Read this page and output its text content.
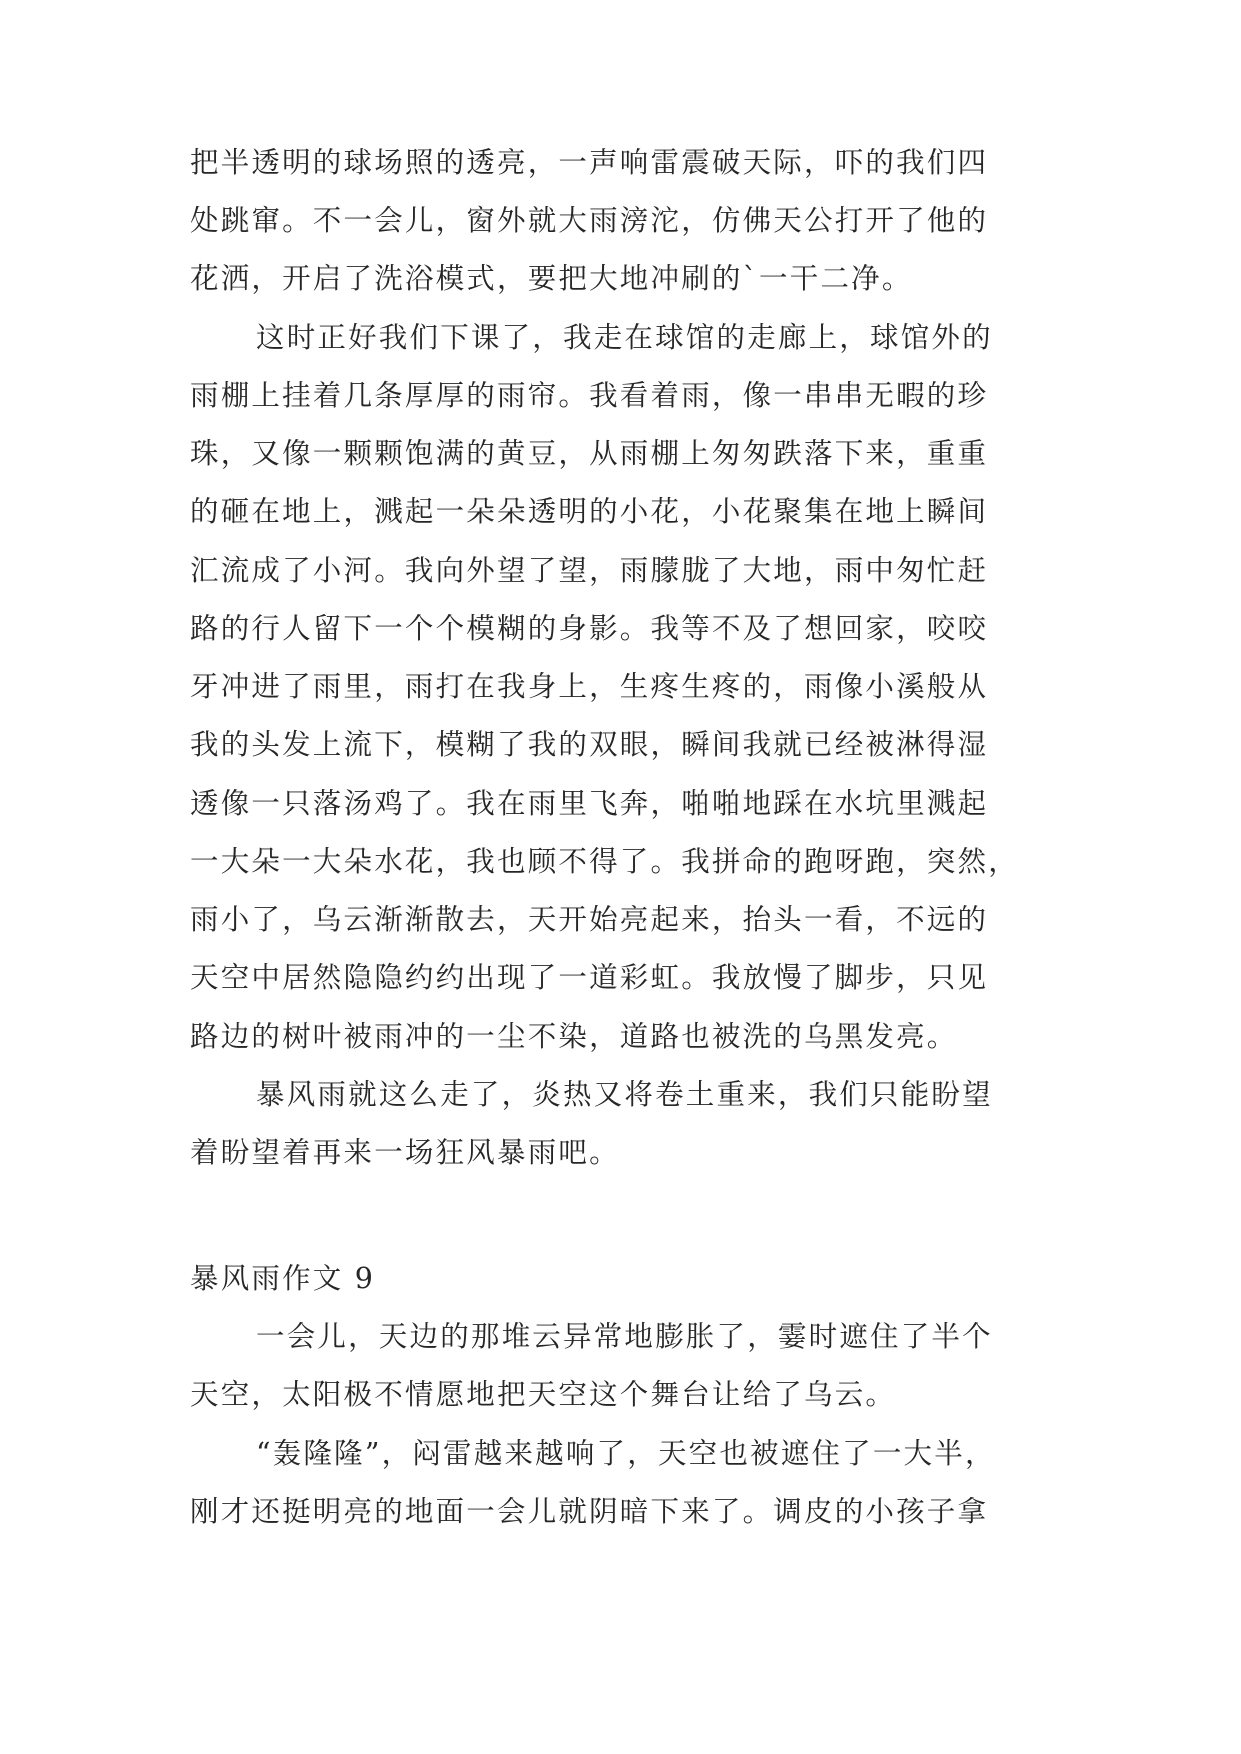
把半透明的球场照的透亮，一声响雷震破天际，吓的我们四
处跳窜。不一会儿，窗外就大雨滂沱，仿佛天公打开了他的
花洒，开启了洗浴模式，要把大地冲刷的`一干二净。
这时正好我们下课了，我走在球馆的走廊上，球馆外的
雨棚上挂着几条厚厚的雨帘。我看着雨，像一串串无暇的珍
珠，又像一颗颗饱满的黄豆，从雨棚上匆匆跌落下来，重重
的砸在地上，溅起一朵朵透明的小花，小花聚集在地上瞬间
汇流成了小河。我向外望了望，雨朦胧了大地，雨中匆忙赶
路的行人留下一个个模糊的身影。我等不及了想回家，咬咬
牙冲进了雨里，雨打在我身上，生疼生疼的，雨像小溪般从
我的头发上流下，模糊了我的双眼，瞬间我就已经被淋得湿
透像一只落汤鸡了。我在雨里飞奔，啪啪地踩在水坑里溅起
一大朵一大朵水花，我也顾不得了。我拼命的跑呀跑，突然，
雨小了，乌云渐渐散去，天开始亮起来，抬头一看，不远的
天空中居然隐隐约约出现了一道彩虹。我放慢了脚步，只见
路边的树叶被雨冲的一尘不染，道路也被洗的乌黑发亮。
暴风雨就这么走了，炎热又将卷土重来，我们只能盼望
着盼望着再来一场狂风暴雨吧。
暴风雨作文 9
一会儿，天边的那堆云异常地膨胀了，霎时遮住了半个
天空，太阳极不情愿地把天空这个舞台让给了乌云。
“轰隆隆”，闷雷越来越响了，天空也被遮住了一大半，
刚才还挺明亮的地面一会儿就阴暗下来了。调皮的小孩子拿
